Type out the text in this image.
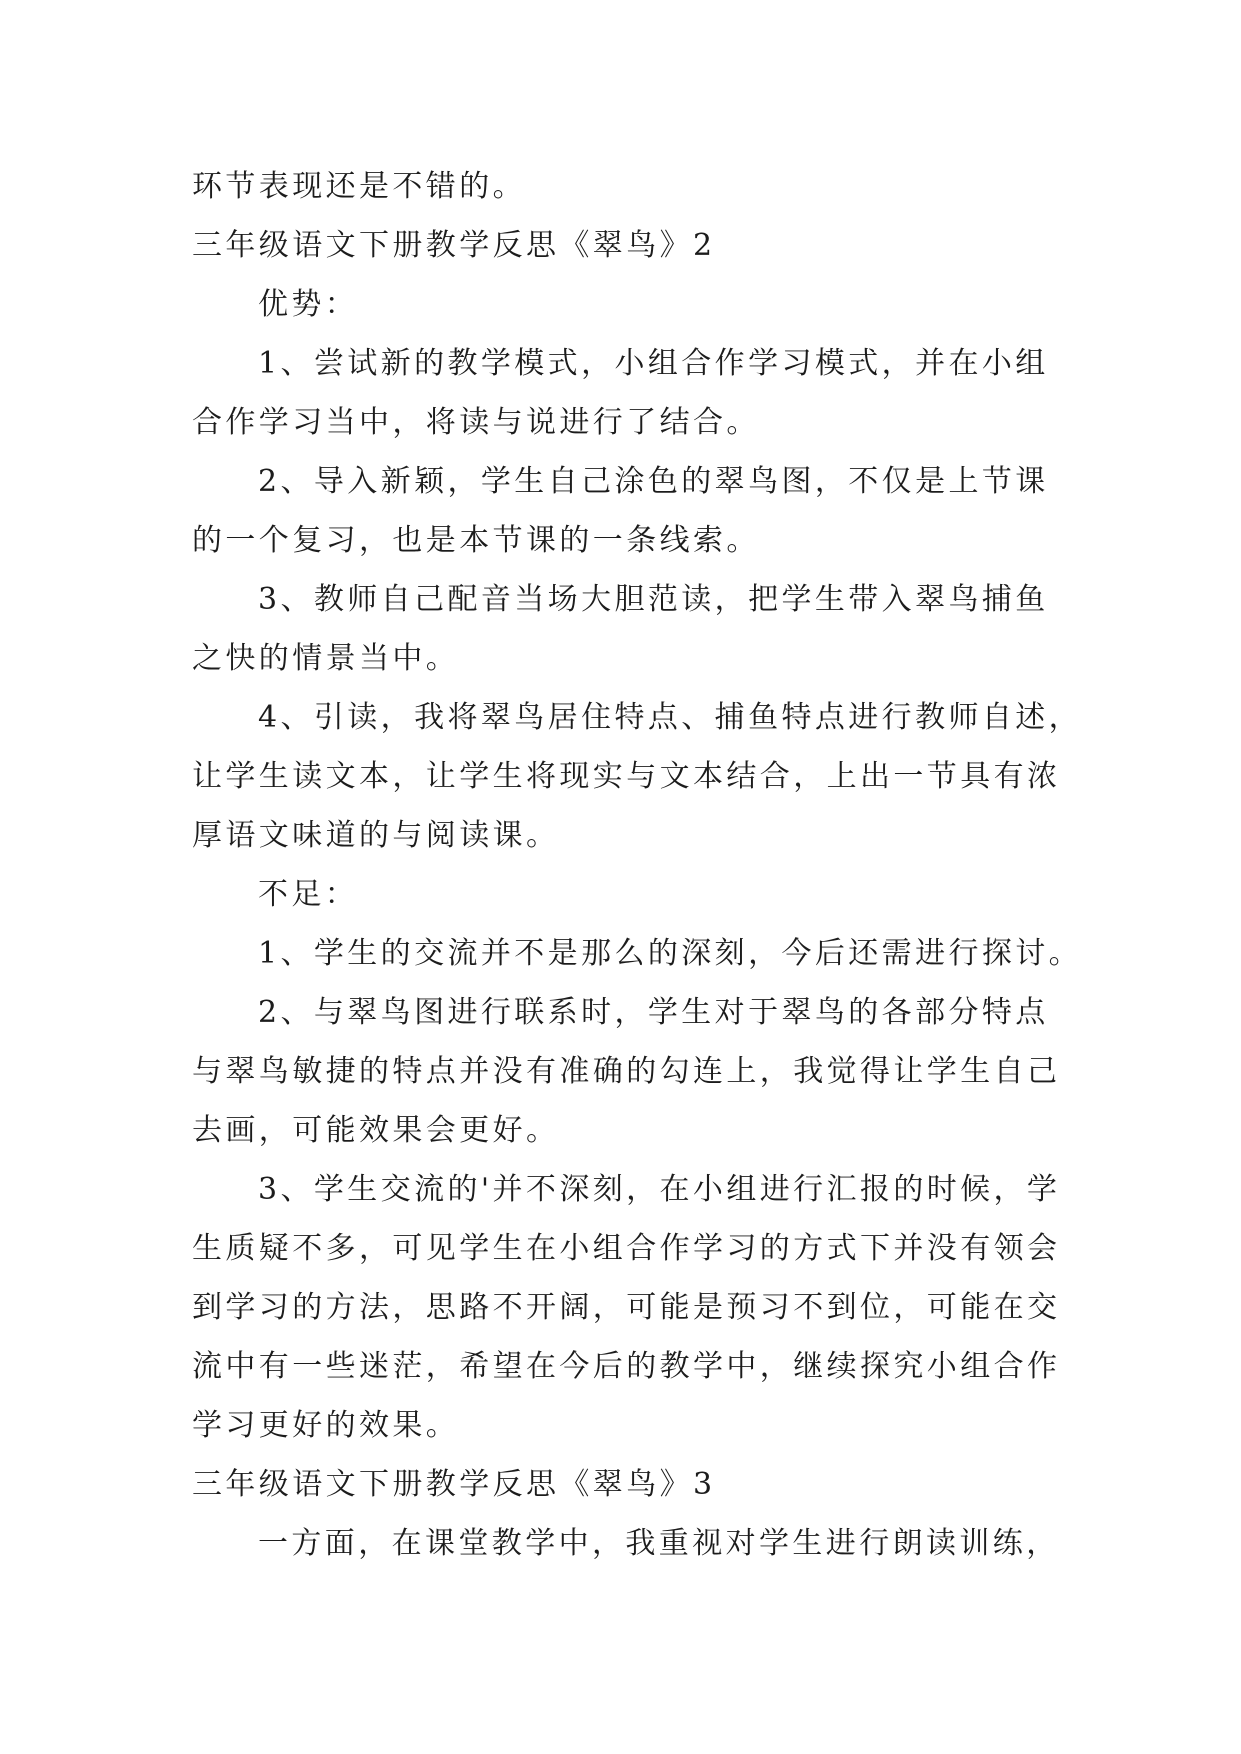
环节表现还是不错的。
三年级语文下册教学反思《翠鸟》2
优势：
1、尝试新的教学模式，小组合作学习模式，并在小组
合作学习当中，将读与说进行了结合。
2、导入新颖，学生自己涂色的翠鸟图，不仅是上节课
的一个复习，也是本节课的一条线索。
3、教师自己配音当场大胆范读，把学生带入翠鸟捕鱼
之快的情景当中。
4、引读，我将翠鸟居住特点、捕鱼特点进行教师自述，
让学生读文本，让学生将现实与文本结合，上出一节具有浓
厚语文味道的与阅读课。
不足：
1、学生的交流并不是那么的深刻，今后还需进行探讨。
2、与翠鸟图进行联系时，学生对于翠鸟的各部分特点
与翠鸟敏捷的特点并没有准确的勾连上，我觉得让学生自己
去画，可能效果会更好。
3、学生交流的'并不深刻，在小组进行汇报的时候，学
生质疑不多，可见学生在小组合作学习的方式下并没有领会
到学习的方法，思路不开阔，可能是预习不到位，可能在交
流中有一些迷茫，希望在今后的教学中，继续探究小组合作
学习更好的效果。
三年级语文下册教学反思《翠鸟》3
一方面，在课堂教学中，我重视对学生进行朗读训练，
